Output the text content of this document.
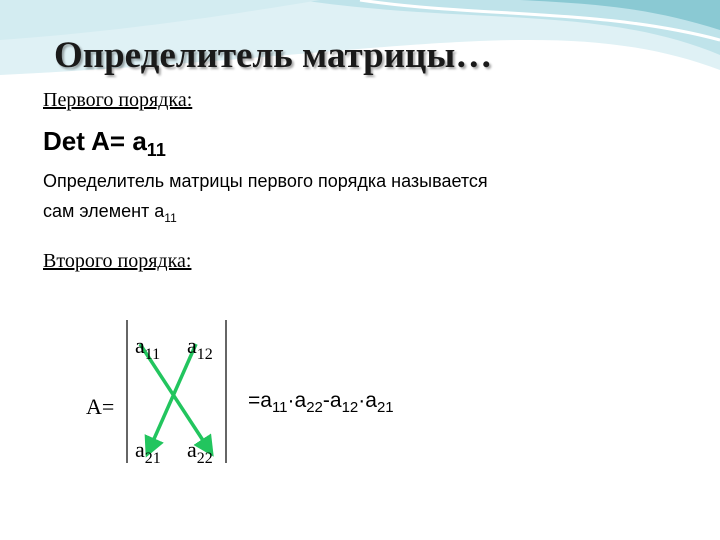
Определитель матрицы…
Первого порядка:
Det $A= a_{11}$
Определитель матрицы первого порядка называется
сам элемент $a_{11}$
Второго порядка:
$a_{11}$ $a_{12}$
$a_{21}$ $a_{22}$
A=	$=a_{11}\cdot a_{22}-a_{12}\cdot a_{21}$
